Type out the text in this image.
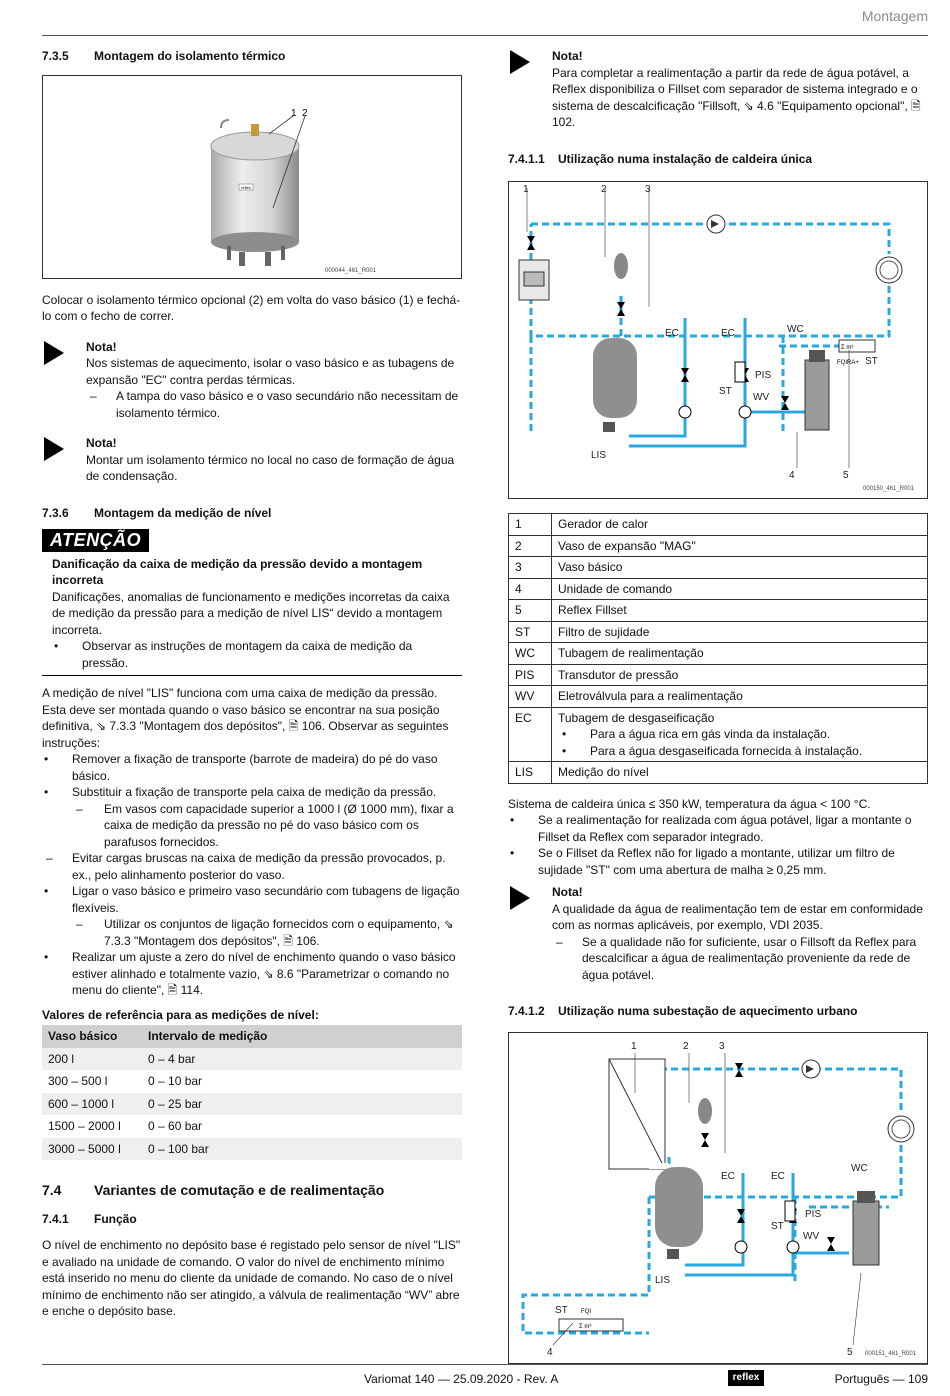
Montagem
7.3.5	Montagem do isolamento térmico
reflex
1 2
000044_461_R001

Colocar o isolamento térmico opcional (2) em volta do vaso básico (1) e fechá-lo com o fecho de correr.

Nota!
Nos sistemas de aquecimento, isolar o vaso básico e as tubagens de expansão "EC" contra perdas térmicas.
– A tampa do vaso básico e o vaso secundário não necessitam de isolamento térmico.
Nota!
Montar um isolamento térmico no local no caso de formação de água de condensação.
7.3.6	Montagem da medição de nível
ATENÇÃO
Danificação da caixa de medição da pressão devido a montagem incorreta
Danificações, anomalias de funcionamento e medições incorretas da caixa de medição da pressão para a medição de nível LIS“ devido a montagem incorreta.
• Observar as instruções de montagem da caixa de medição da pressão.

A medição de nível "LIS" funciona com uma caixa de medição da pressão. Esta deve ser montada quando o vaso básico se encontrar na sua posição definitiva, ⇘ 7.3.3 "Montagem dos depósitos", 🗎 106. Observar as seguintes instruções:

• Remover a fixação de transporte (barrote de madeira) do pé do vaso básico.
• Substituir a fixação de transporte pela caixa de medição da pressão.
– Em vasos com capacidade superior a 1000 l (Ø 1000 mm), fixar a caixa de medição da pressão no pé do vaso básico com os parafusos fornecidos.
– Evitar cargas bruscas na caixa de medição da pressão provocados, p. ex., pelo alinhamento posterior do vaso.
• Ligar o vaso básico e primeiro vaso secundário com tubagens de ligação flexíveis.
– Utilizar os conjuntos de ligação fornecidos com o equipamento, ⇘ 7.3.3 "Montagem dos depósitos", 🗎 106.
• Realizar um ajuste a zero do nível de enchimento quando o vaso básico estiver alinhado e totalmente vazio, ⇘ 8.6 "Parametrizar o comando no menu do cliente", 🗎 114.
Valores de referência para as medições de nível:
Vaso básico	Intervalo de medição
200 l	0 – 4 bar
300 – 500 l	0 – 10 bar
600 – 1000 l	0 – 25 bar
1500 – 2000 l	0 – 60 bar
3000 – 5000 l	0 – 100 bar
7.4	Variantes de comutação e de realimentação
7.4.1	Função

O nível de enchimento no depósito base é registado pelo sensor de nível "LIS" e avaliado na unidade de comando. O valor do nível de enchimento mínimo está inserido no menu do cliente da unidade de comando. No caso de o nível mínimo de enchimento não ser atingido, a válvula de realimentação “WV” abre e enche o depósito base.

Nota!
Para completar a realimentação a partir da rede de água potável, a Reflex disponibiliza o Fillset com separador de sistema integrado e o sistema de descalcificação "Fillsoft, ⇘ 4.6 "Equipamento opcional", 🗎 102.
7.4.1.1	Utilização numa instalação de caldeira única
1	2	3
4	5
EC	EC	WC
ST
ST
PIS
WV
LIS
Σ m³
FQIRA+
000150_461_R001
1	Gerador de calor
2	Vaso de expansão "MAG"
3	Vaso básico
4	Unidade de comando
5	Reflex Fillset
ST	Filtro de sujidade
WC	Tubagem de realimentação
PIS	Transdutor de pressão
WV	Eletroválvula para a realimentação
EC	Tubagem de desgaseificação
• Para a água rica em gás vinda da instalação.
• Para a água desgaseificada fornecida à instalação.

LIS	Medição do nível

Sistema de caldeira única ≤ 350 kW, temperatura da água < 100 °C.

• Se a realimentação for realizada com água potável, ligar a montante o Fillset da Reflex com separador integrado.
• Se o Fillset da Reflex não for ligado a montante, utilizar um filtro de sujidade "ST" com uma abertura de malha ≥ 0,25 mm.
Nota!
A qualidade da água de realimentação tem de estar em conformidade com as normas aplicáveis, por exemplo, VDI 2035.
– Se a qualidade não for suficiente, usar o Fillsoft da Reflex para descalcificar a água de realimentação proveniente da rede de água potável.
7.4.1.2	Utilização numa subestação de aquecimento urbano
1	2	3
4	5
EC	EC
WC
ST
ST
PIS
WV
LIS
FQI
Σ m³
000151_461_R001
Variomat 140 — 25.09.2020 - Rev. A	reflex	Português — 109
